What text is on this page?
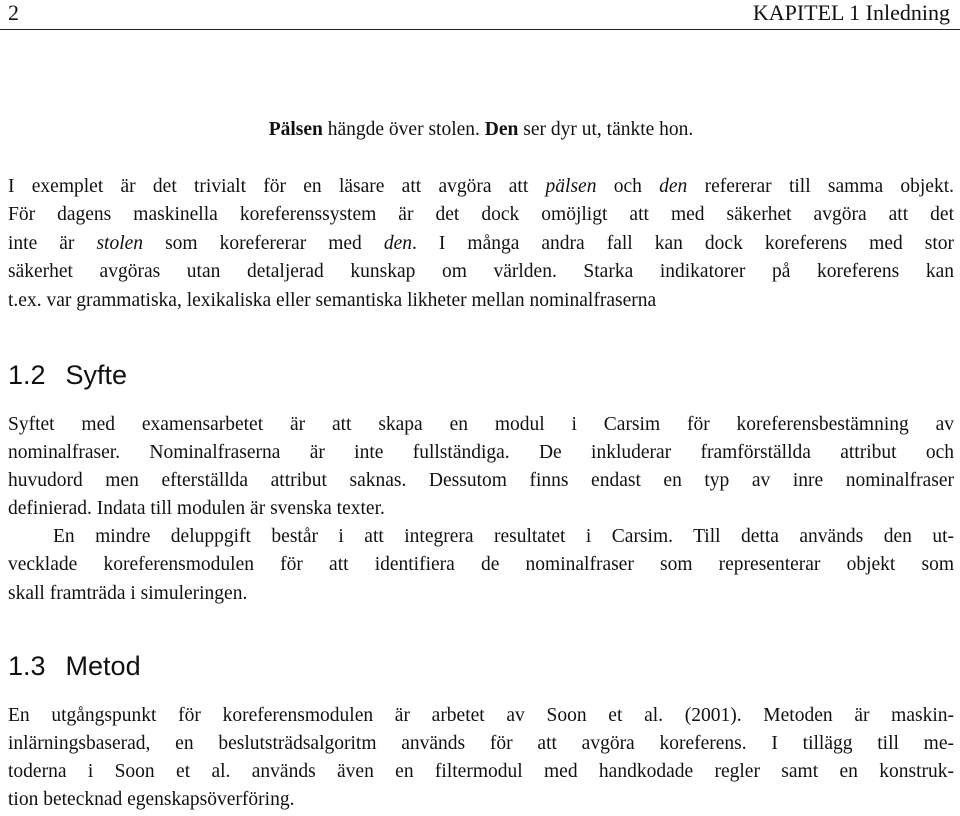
2	KAPITEL 1 Inledning
Pälsen hängde över stolen. Den ser dyr ut, tänkte hon.
I exemplet är det trivialt för en läsare att avgöra att pälsen och den refererar till samma objekt.
För dagens maskinella koreferenssystem är det dock omöjligt att med säkerhet avgöra att det
inte är stolen som korefererar med den. I många andra fall kan dock koreferens med stor
säkerhet avgöras utan detaljerad kunskap om världen. Starka indikatorer på koreferens kan
t.ex. var grammatiska, lexikaliska eller semantiska likheter mellan nominalfraserna
1.2 Syfte
Syftet med examensarbetet är att skapa en modul i Carsim för koreferensbestämning av
nominalfraser. Nominalfraserna är inte fullständiga. De inkluderar framförställda attribut och
huvudord men efterställda attribut saknas. Dessutom finns endast en typ av inre nominalfraser
definierad. Indata till modulen är svenska texter.
En mindre deluppgift består i att integrera resultatet i Carsim. Till detta används den ut-
vecklade koreferensmodulen för att identifiera de nominalfraser som representerar objekt som
skall framträda i simuleringen.
1.3 Metod
En utgångspunkt för koreferensmodulen är arbetet av Soon et al. (2001). Metoden är maskin-
inlärningsbaserad, en beslutsträdsalgoritm används för att avgöra koreferens. I tillägg till me-
toderna i Soon et al. används även en filtermodul med handkodade regler samt en konstruk-
tion betecknad egenskapsöverföring.
